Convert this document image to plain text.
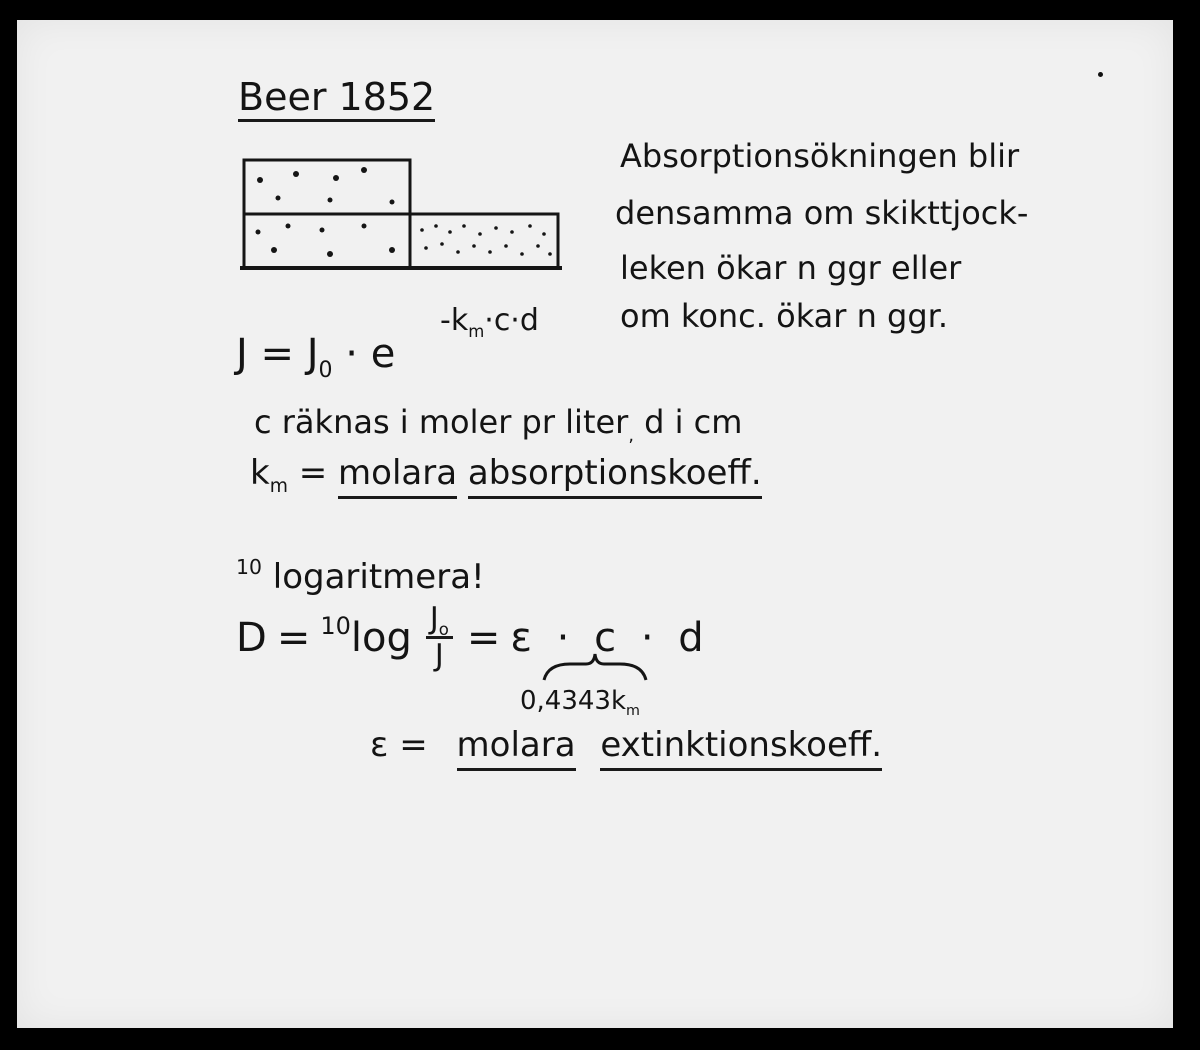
Beer 1852
Absorptionsökningen blir
densamma om skikttjock-
leken ökar n ggr eller
om konc. ökar n ggr.
$J = J_0 \cdot e$
$-k_m\cdot c\cdot d$
c räknas i moler pr liter$_,$ d i cm
$k_m$ = molara absorptionskoeff.
$^{10}$ logaritmera!
$D = ^{10}\log \frac{J_o}{J} = \varepsilon \cdot c \cdot d$
$0,4343k_m$
ε = molara extinktionskoeff.
